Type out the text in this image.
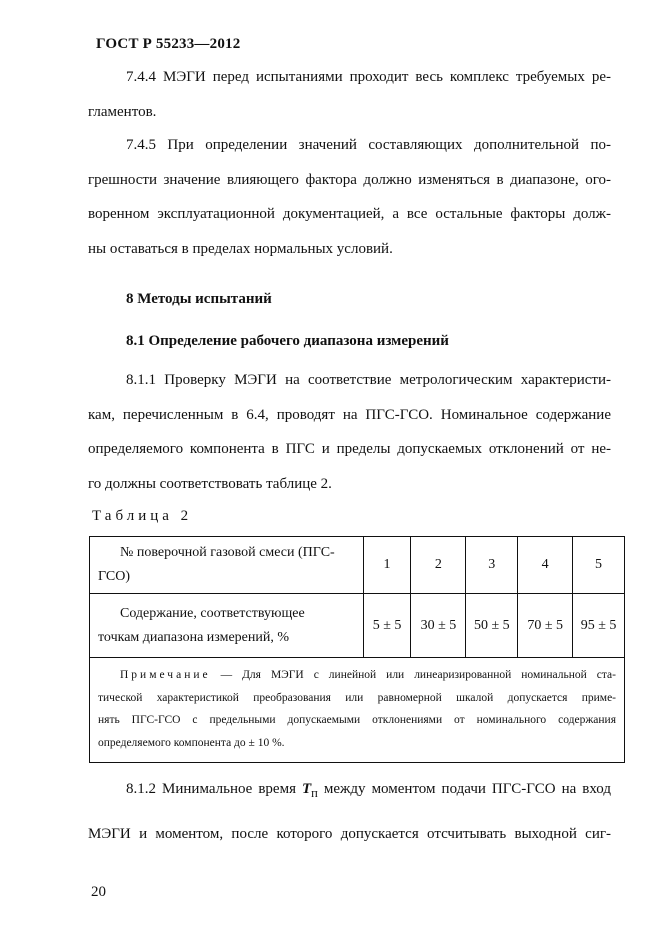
ГОСТ Р 55233—2012
7.4.4 МЭГИ перед испытаниями проходит весь комплекс требуемых ре-
гламентов.
7.4.5 При определении значений составляющих дополнительной по-
грешности значение влияющего фактора должно изменяться в диапазоне, ого-
воренном эксплуатационной документацией, а все остальные факторы долж-
ны оставаться в пределах нормальных условий.
8 Методы испытаний
8.1 Определение рабочего диапазона измерений
8.1.1 Проверку МЭГИ на соответствие метрологическим характеристи-
кам, перечисленным в 6.4, проводят на ПГС-ГСО. Номинальное содержание
определяемого компонента в ПГС и пределы допускаемых отклонений от не-
го должны соответствовать таблице 2.
Таблица 2
№ поверочной газовой смеси (ПГС-
ГСО)	1	2	3	4	5

Содержание, соответствующее
точкам диапазона измерений, %	5 ± 5	30 ± 5	50 ± 5	70 ± 5	95 ± 5

Примечание — Для МЭГИ с линейной или линеаризированной номинальной ста-
тической характеристикой преобразования или равномерной шкалой допускается приме-
нять ПГС-ГСО с предельными допускаемыми отклонениями от номинального содержания
определяемого компонента до ± 10 %.					
8.1.2 Минимальное время $T_п$ между моментом подачи ПГС-ГСО на вход
МЭГИ и моментом, после которого допускается отсчитывать выходной сиг-
20
